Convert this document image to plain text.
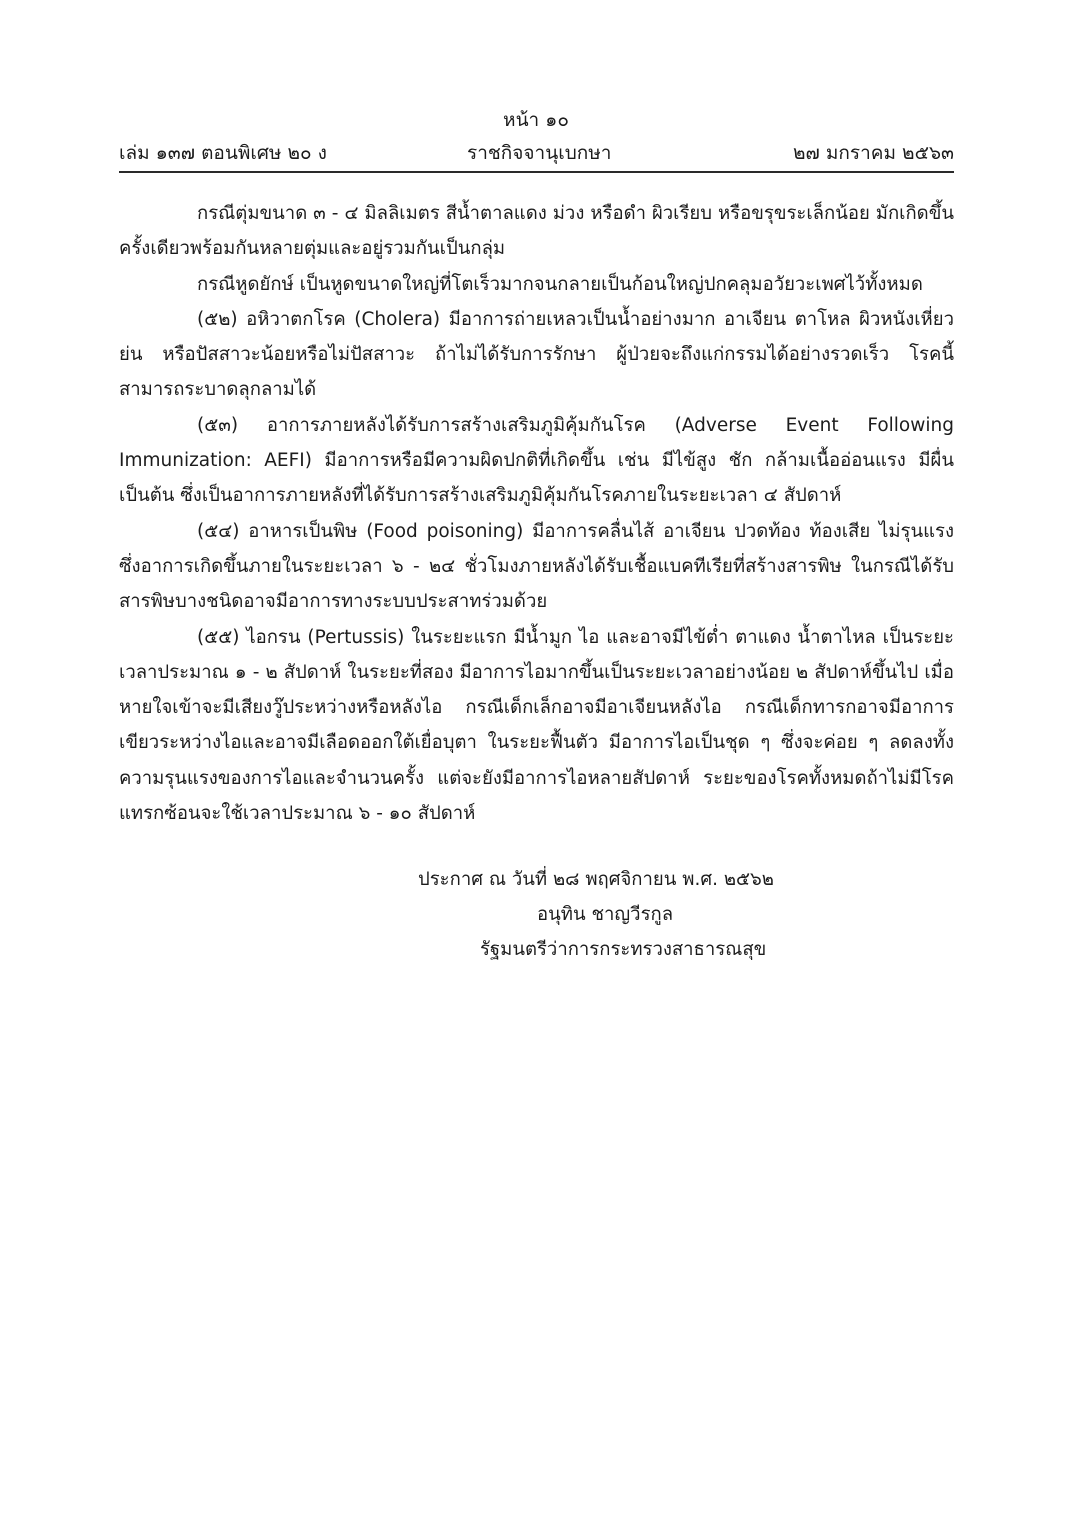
หน้า ๑๐
เล่ม ๑๓๗ ตอนพิเศษ ๒๐ ง	ราชกิจจานุเบกษา	๒๗ มกราคม ๒๕๖๓

กรณีตุ่มขนาด ๓ - ๔ มิลลิเมตร สีน้ำตาลแดง ม่วง หรือดำ ผิวเรียบ หรือขรุขระเล็กน้อย มักเกิดขึ้นครั้งเดียวพร้อมกันหลายตุ่มและอยู่รวมกันเป็นกลุ่ม

กรณีหูดยักษ์ เป็นหูดขนาดใหญ่ที่โตเร็วมากจนกลายเป็นก้อนใหญ่ปกคลุมอวัยวะเพศไว้ทั้งหมด

(๕๒) อหิวาตกโรค (Cholera) มีอาการถ่ายเหลวเป็นน้ำอย่างมาก อาเจียน ตาโหล ผิวหนังเหี่ยวย่น หรือปัสสาวะน้อยหรือไม่ปัสสาวะ ถ้าไม่ได้รับการรักษา ผู้ป่วยจะถึงแก่กรรมได้อย่างรวดเร็ว โรคนี้สามารถระบาดลุกลามได้

(๕๓) อาการภายหลังได้รับการสร้างเสริมภูมิคุ้มกันโรค (Adverse Event Following Immunization: AEFI) มีอาการหรือมีความผิดปกติที่เกิดขึ้น เช่น มีไข้สูง ชัก กล้ามเนื้ออ่อนแรง มีผื่น เป็นต้น ซึ่งเป็นอาการภายหลังที่ได้รับการสร้างเสริมภูมิคุ้มกันโรคภายในระยะเวลา ๔ สัปดาห์

(๕๔) อาหารเป็นพิษ (Food poisoning) มีอาการคลื่นไส้ อาเจียน ปวดท้อง ท้องเสีย ไม่รุนแรง ซึ่งอาการเกิดขึ้นภายในระยะเวลา ๖ - ๒๔ ชั่วโมงภายหลังได้รับเชื้อแบคทีเรียที่สร้างสารพิษ ในกรณีได้รับสารพิษบางชนิดอาจมีอาการทางระบบประสาทร่วมด้วย

(๕๕) ไอกรน (Pertussis) ในระยะแรก มีน้ำมูก ไอ และอาจมีไข้ต่ำ ตาแดง น้ำตาไหล เป็นระยะเวลาประมาณ ๑ - ๒ สัปดาห์ ในระยะที่สอง มีอาการไอมากขึ้นเป็นระยะเวลาอย่างน้อย ๒ สัปดาห์ขึ้นไป เมื่อหายใจเข้าจะมีเสียงวู๊ประหว่างหรือหลังไอ กรณีเด็กเล็กอาจมีอาเจียนหลังไอ กรณีเด็กทารกอาจมีอาการเขียวระหว่างไอและอาจมีเลือดออกใต้เยื่อบุตา ในระยะฟื้นตัว มีอาการไอเป็นชุด ๆ ซึ่งจะค่อย ๆ ลดลงทั้งความรุนแรงของการไอและจำนวนครั้ง แต่จะยังมีอาการไอหลายสัปดาห์ ระยะของโรคทั้งหมดถ้าไม่มีโรคแทรกซ้อนจะใช้เวลาประมาณ ๖ - ๑๐ สัปดาห์

ประกาศ ณ วันที่ ๒๘ พฤศจิกายน พ.ศ. ๒๕๖๒
อนุทิน ชาญวีรกูล
รัฐมนตรีว่าการกระทรวงสาธารณสุข
